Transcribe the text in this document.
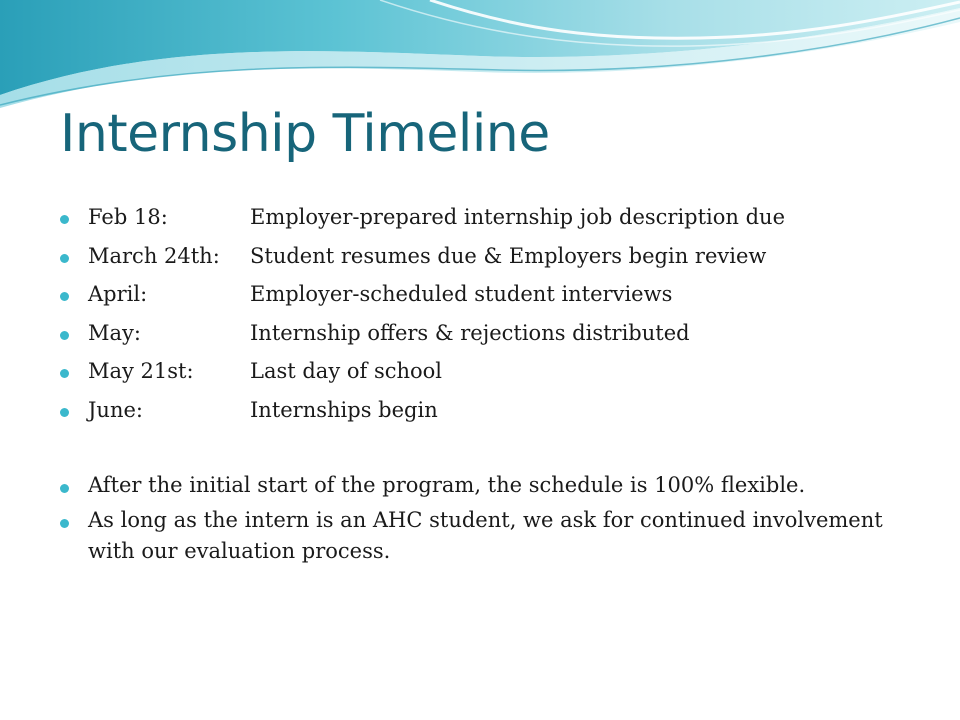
Internship Timeline
Feb 18:	Employer-prepared internship job description due
March 24th:	Student resumes due & Employers begin review
April:	Employer-scheduled student interviews
May:	Internship offers & rejections distributed
May 21st:	Last day of school
June:	Internships begin
After the initial start of the program, the schedule is 100% flexible.
As long as the intern is an AHC student, we ask for continued involvement with our evaluation process.
